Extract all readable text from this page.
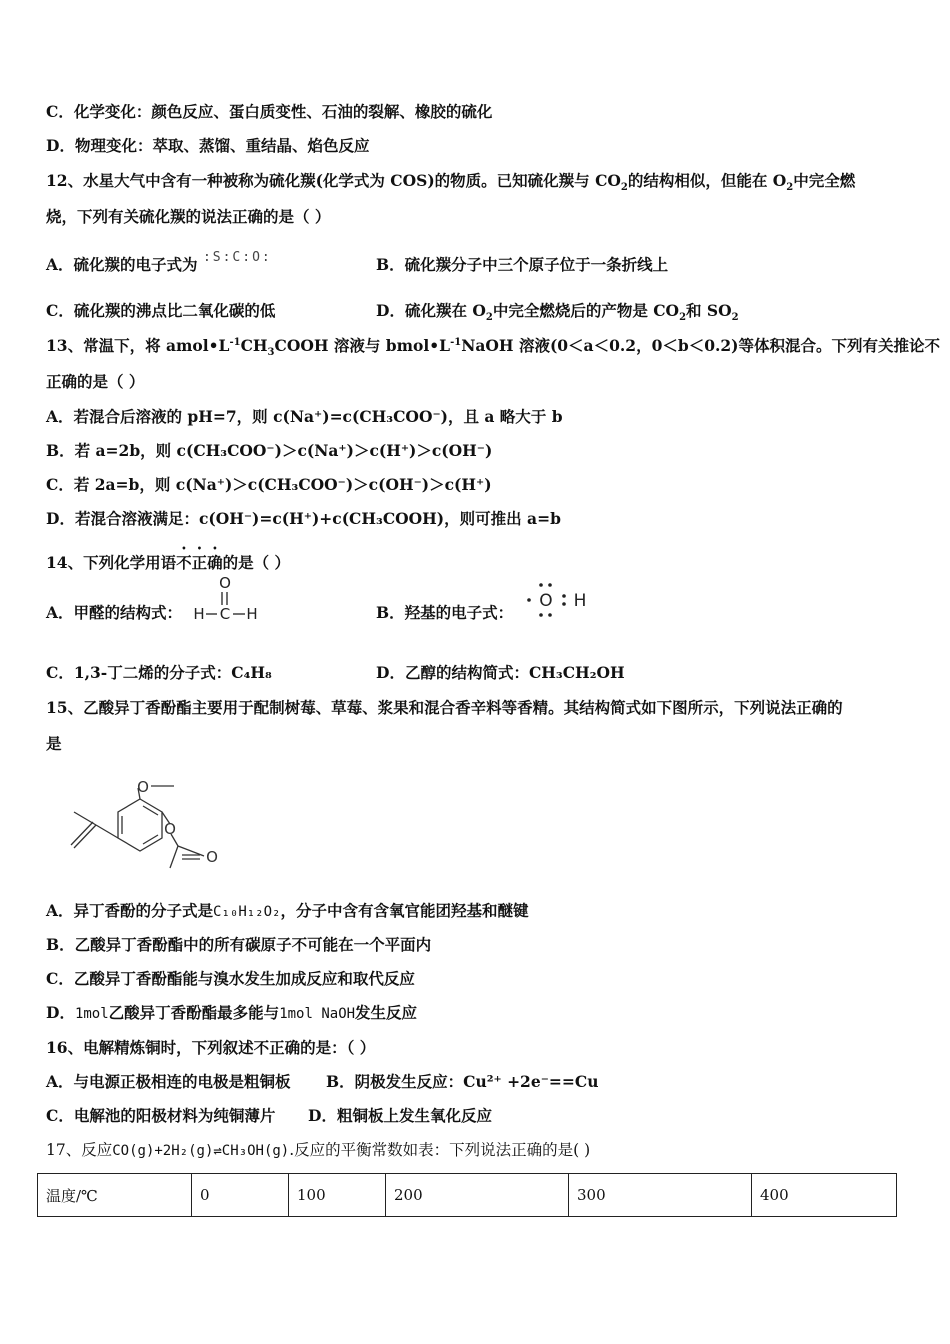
C．化学变化：颜色反应、蛋白质变性、石油的裂解、橡胶的硫化
D．物理变化：萃取、蒸馏、重结晶、焰色反应
12、水星大气中含有一种被称为硫化羰(化学式为 COS)的物质。已知硫化羰与 $CO_2$的结构相似，但能在 $O_2$中完全燃
烧，下列有关硫化羰的说法正确的是（ ）
A．硫化羰的电子式为 :S:C:O:	B．硫化羰分子中三个原子位于一条折线上
C．硫化羰的沸点比二氧化碳的低	D．硫化羰在 $O_2$中完全燃烧后的产物是 $CO_2$和 $SO_2$
13、常温下，将 $amol•L^{-1}CH_3COOH$ 溶液与 $bmol•L^{-1}NaOH$ 溶液(0＜a＜0.2，0＜b＜0.2)等体积混合。下列有关推论不
正确的是（ ）
A．若混合后溶液的 pH=7，则 c(Na⁺)=c(CH₃COO⁻)，且 a 略大于 b
B．若 a=2b，则 c(CH₃COO⁻)＞c(Na⁺)＞c(H⁺)＞c(OH⁻)
C．若 2a=b，则 c(Na⁺)＞c(CH₃COO⁻)＞c(OH⁻)＞c(H⁺)
D．若混合溶液满足：c(OH⁻)=c(H⁺)+c(CH₃COOH)，则可推出 a=b
14、下列化学用语不正确的是（ ）
A．甲醛的结构式：
O
H C H	B．羟基的电子式：
O H
C．1,3-丁二烯的分子式：C₄H₈	D．乙醇的结构简式：CH₃CH₂OH
15、乙酸异丁香酚酯主要用于配制树莓、草莓、浆果和混合香辛料等香精。其结构简式如下图所示，下列说法正确的
是
O
O
O
A．异丁香酚的分子式是C₁₀H₁₂O₂，分子中含有含氧官能团羟基和醚键
B．乙酸异丁香酚酯中的所有碳原子不可能在一个平面内
C．乙酸异丁香酚酯能与溴水发生加成反应和取代反应
D．1mol乙酸异丁香酚酯最多能与1mol NaOH发生反应
16、电解精炼铜时，下列叙述不正确的是：（ ）
A．与电源正极相连的电极是粗铜板 B．阴极发生反应：Cu²⁺ +2e⁻==Cu
C．电解池的阳极材料为纯铜薄片 D．粗铜板上发生氧化反应
17、反应CO(g)+2H₂(g)⇌CH₃OH(g).反应的平衡常数如表：下列说法正确的是( )
温度/℃	0	100	200	300	400
